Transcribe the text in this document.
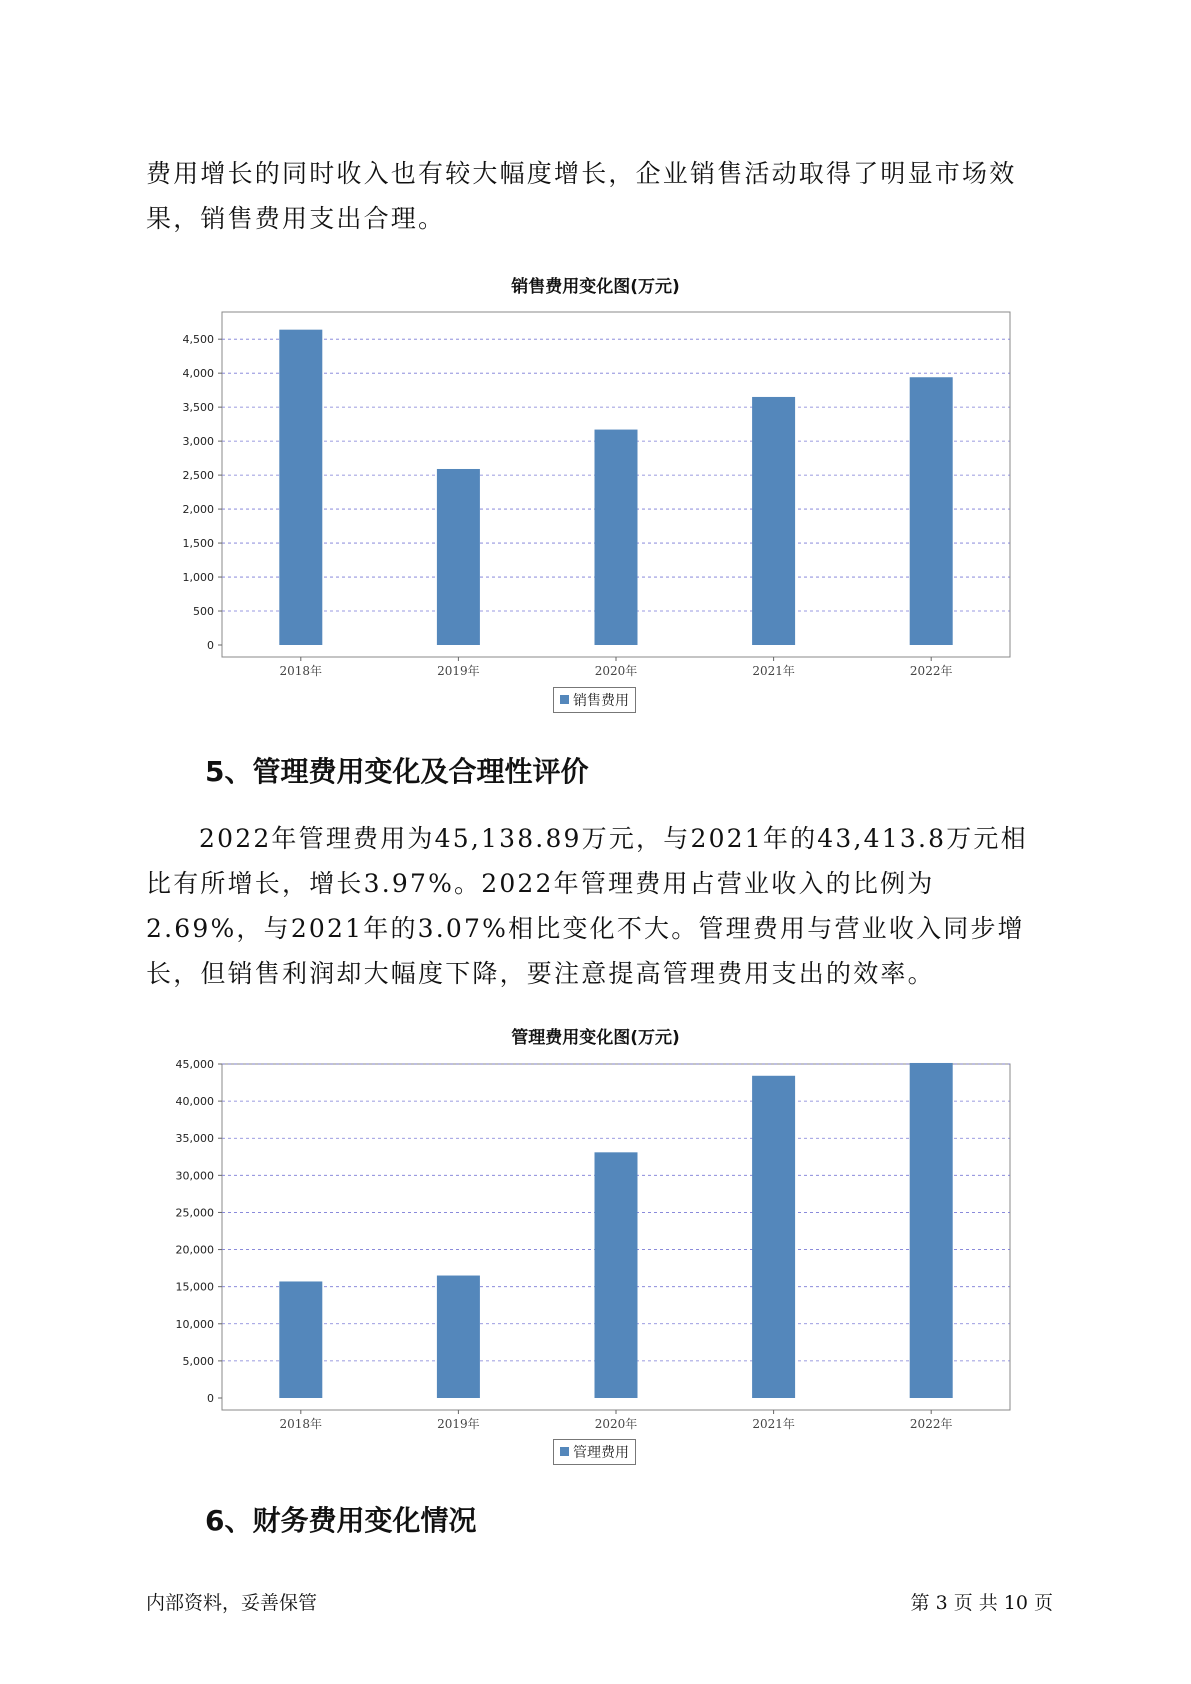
费用增长的同时收入也有较大幅度增长，企业销售活动取得了明显市场效果，销售费用支出合理。

销售费用变化图(万元)
0
500
1,000
1,500
2,000
2,500
3,000
3,500
4,000
4,500
2018年	2019年	2020年	2021年	2022年
销售费用
5、管理费用变化及合理性评价

2022年管理费用为45,138.89万元，与2021年的43,413.8万元相比有所增长，增长3.97%。2022年管理费用占营业收入的比例为2.69%，与2021年的3.07%相比变化不大。管理费用与营业收入同步增长，但销售利润却大幅度下降，要注意提高管理费用支出的效率。

管理费用变化图(万元)
0
5,000
10,000
15,000
20,000
25,000
30,000
35,000
40,000
45,000
2018年	2019年	2020年	2021年	2022年
管理费用
6、财务费用变化情况
内部资料，妥善保管	第 3 页 共 10 页
